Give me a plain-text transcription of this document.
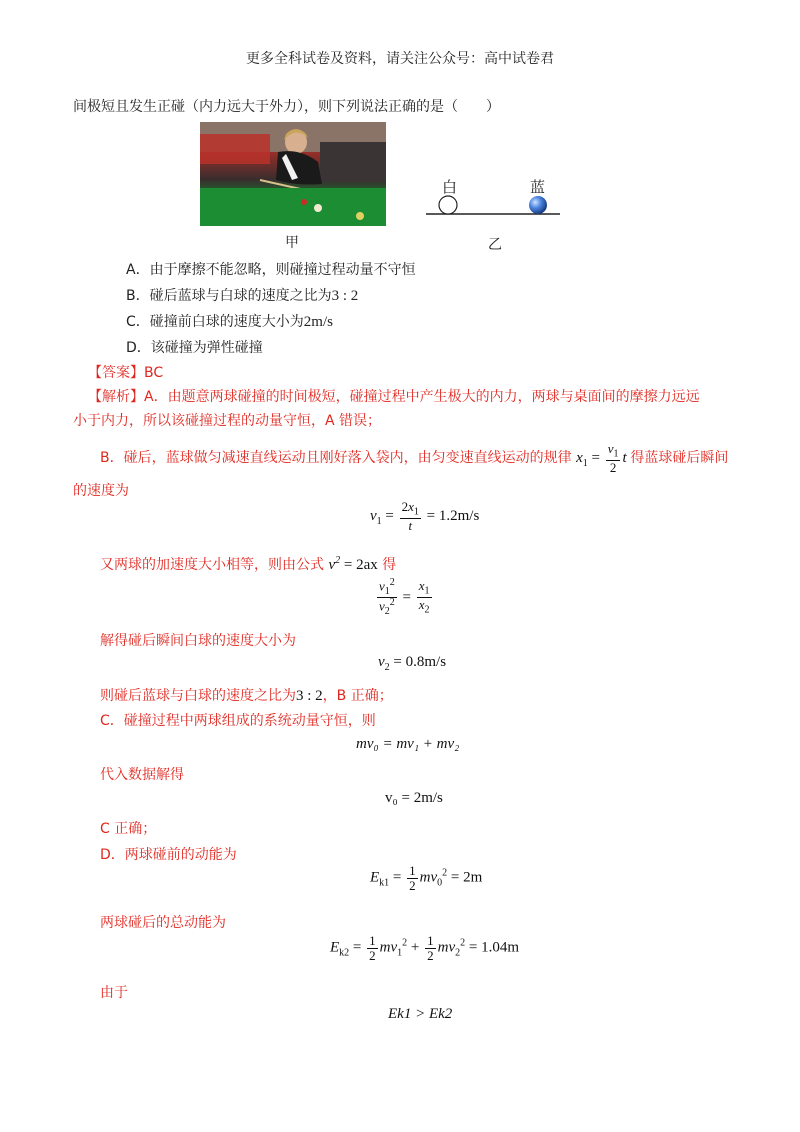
更多全科试卷及资料，请关注公众号：高中试卷君
间极短且发生正碰（内力远大于外力），则下列说法正确的是（　　）
甲
白	蓝
乙
A．由于摩擦不能忽略，则碰撞过程动量不守恒
B．碰后蓝球与白球的速度之比为3 : 2
C．碰撞前白球的速度大小为2m/s
D．该碰撞为弹性碰撞
【答案】BC
【解析】A．由题意两球碰撞的时间极短，碰撞过程中产生极大的内力，两球与桌面间的摩擦力远远
小于内力，所以该碰撞过程的动量守恒，A 错误；
B．碰后，蓝球做匀减速直线运动且刚好落入袋内，由匀变速直线运动的规律 $x_1 = \frac{v_1}{2}$ t 得蓝球碰后瞬间
的速度为
$v_1 = \frac{2x_1}{t} = 1.2m/s$
又两球的加速度大小相等，则由公式 $v^2 = 2ax$ 得
$\frac{v_1^2}{v_2^2} = \frac{x_1}{x_2}$
解得碰后瞬间白球的速度大小为
$v_2 = 0.8m/s$
则碰后蓝球与白球的速度之比为3 : 2，B 正确；
C．碰撞过程中两球组成的系统动量守恒，则
mv₀ = mv₁ + mv₂
代入数据解得
v₀ = 2m/s
C 正确；
D．两球碰前的动能为
$E_{k1} = \frac{1}{2} mv_0^2 = 2m$
两球碰后的总动能为
$E_{k2} = \frac{1}{2} mv_1^2 + \frac{1}{2} mv_2^2 = 1.04m$
由于
Ek1 > Ek2
